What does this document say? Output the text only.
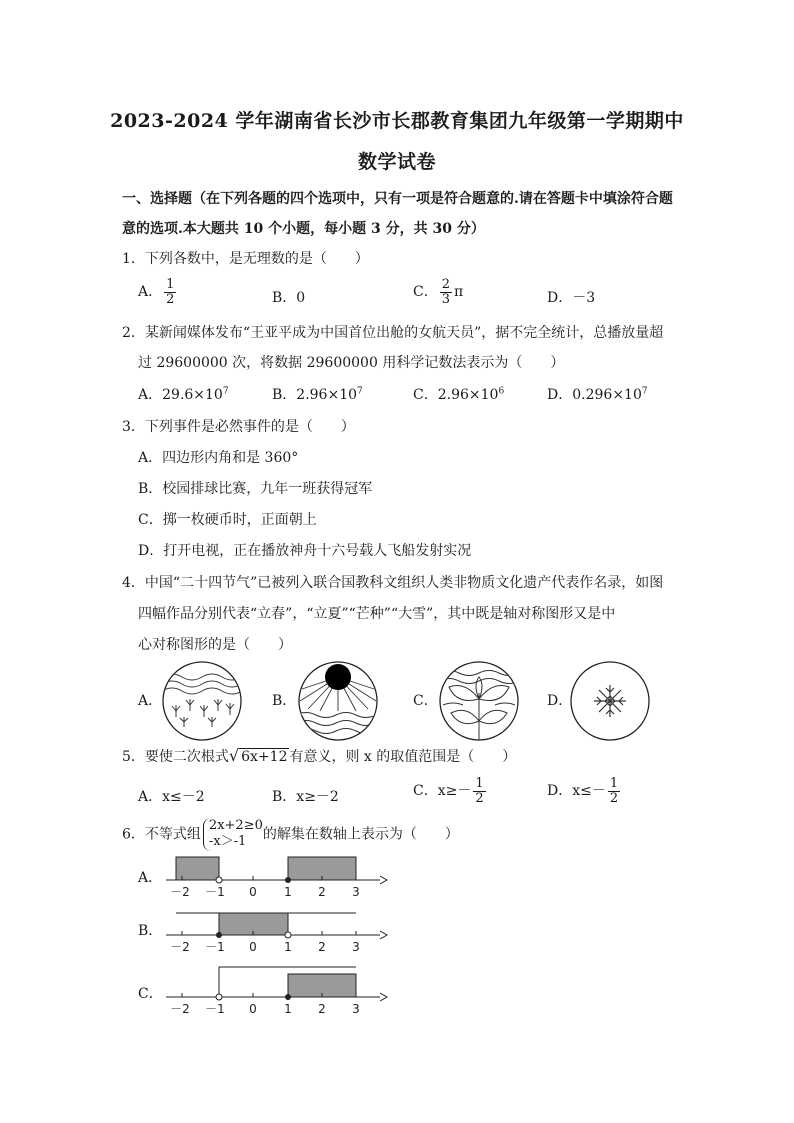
2023-2024 学年湖南省长沙市长郡教育集团九年级第一学期期中
数学试卷
一、选择题（在下列各题的四个选项中，只有一项是符合题意的.请在答题卡中填涂符合题
意的选项.本大题共 10 个小题，每小题 3 分，共 30 分）
1．下列各数中，是无理数的是（　　）
A． $\frac{1}{2}$	B．0	C． $\frac{2}{3}$ π	D．－3
2．某新闻媒体发布“王亚平成为中国首位出舱的女航天员”，据不完全统计，总播放量超
过 29600000 次，将数据 29600000 用科学记数法表示为（　　）
A．$29.6\times 10^7$	B．$2.96\times 10^7$	C．$2.96\times 10^6$	D．$0.296\times 10^7$
3．下列事件是必然事件的是（　　）
A．四边形内角和是 360°
B．校园排球比赛，九年一班获得冠军
C．掷一枚硬币时，正面朝上
D．打开电视，正在播放神舟十六号载人飞船发射实况
4．中国“二十四节气”已被列入联合国教科文组织人类非物质文化遗产代表作名录，如图
四幅作品分别代表“立春”，“立夏”“芒种”“大雪”，其中既是轴对称图形又是中
心对称图形的是（　　）
A．	B．	C．	D．
5．要使二次根式√ 6x+12 有意义，则 x 的取值范围是（　　）
A．x≤－2	B．x≥－2	C．$x\ge- \frac{1}{2}$	D．$x\le- \frac{1}{2}$
6．不等式组
2x+2≥0
-x＞-1	的解集在数轴上表示为（　　）
A．
B．
C．
－2 －1 0 1 2 3
－2 －1 0 1 2 3
－2 －1 0 1 2 3
